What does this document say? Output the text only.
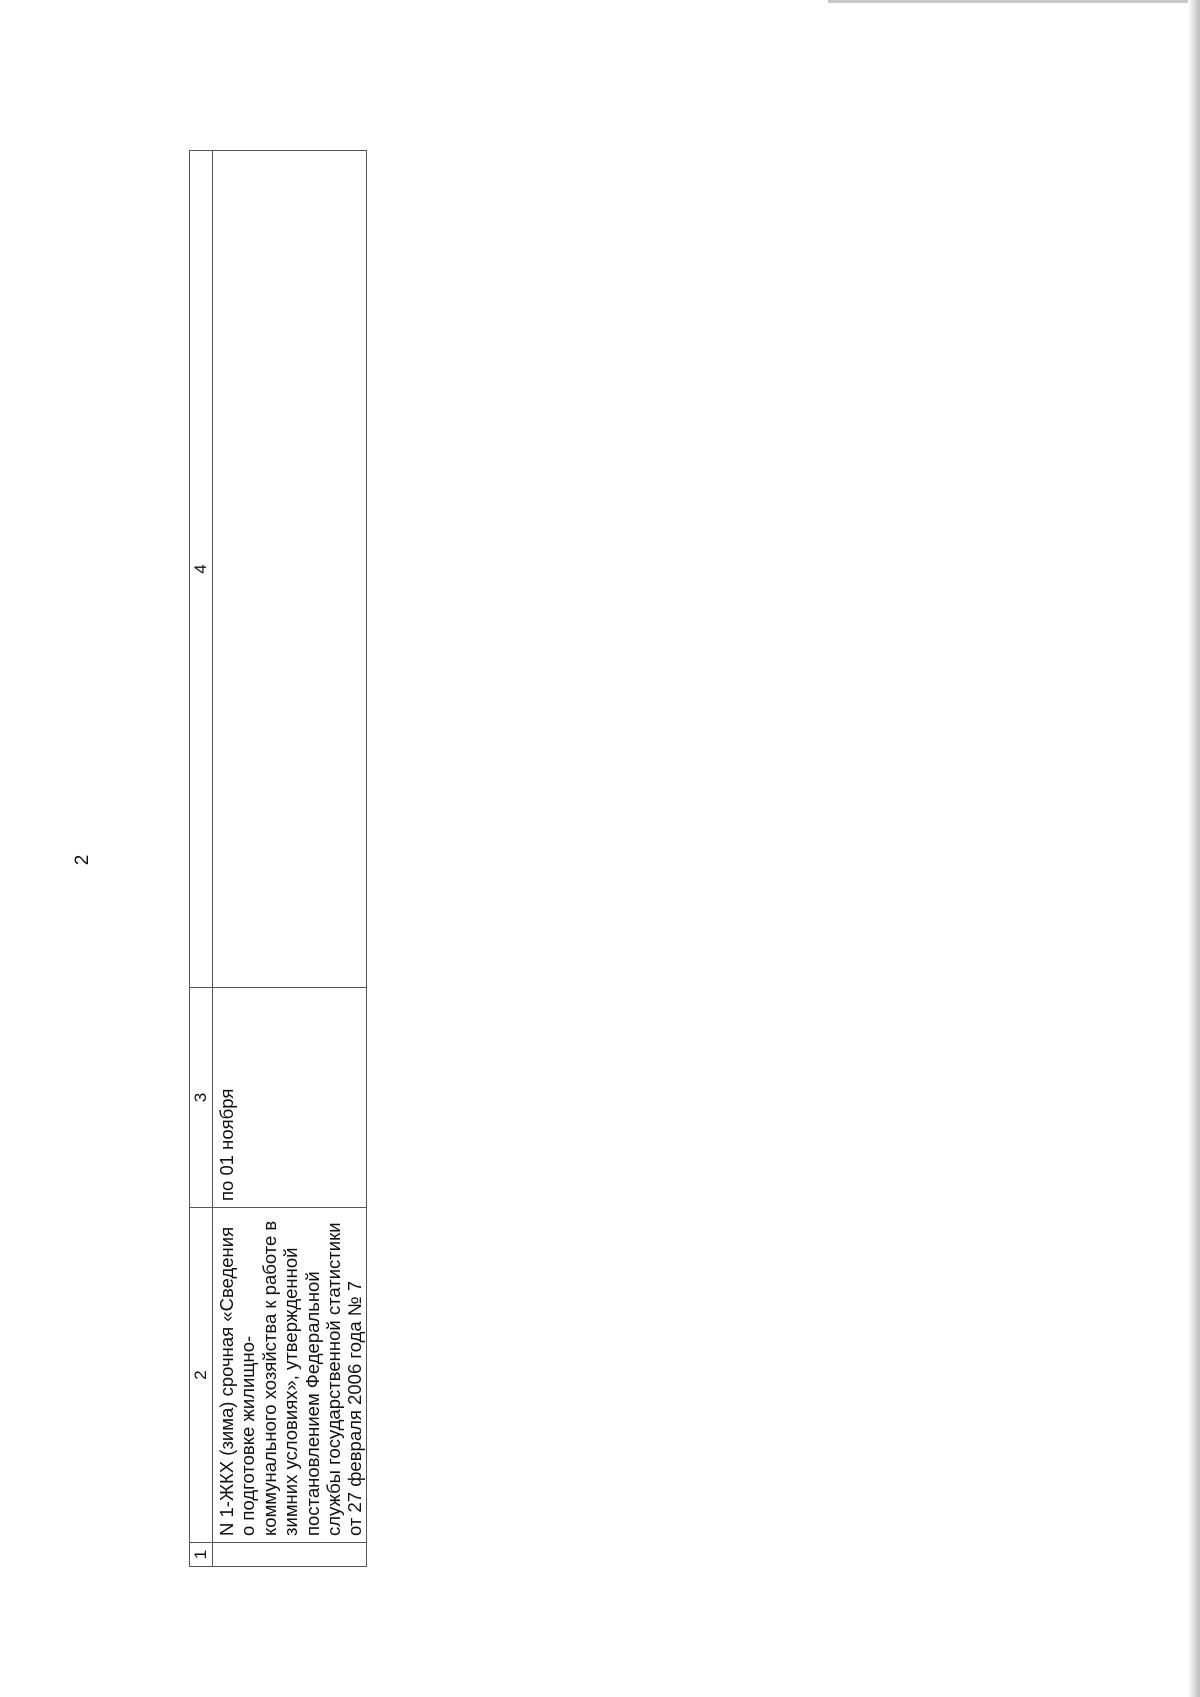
2
1	2	3	4
	N 1-ЖКХ (зима) срочная «Сведения о подготовке жилищно-коммунального хозяйства к работе в зимних условиях», утвержденной постановлением Федеральной службы государственной статистики от 27 февраля 2006 года № 7	по 01 ноября	
